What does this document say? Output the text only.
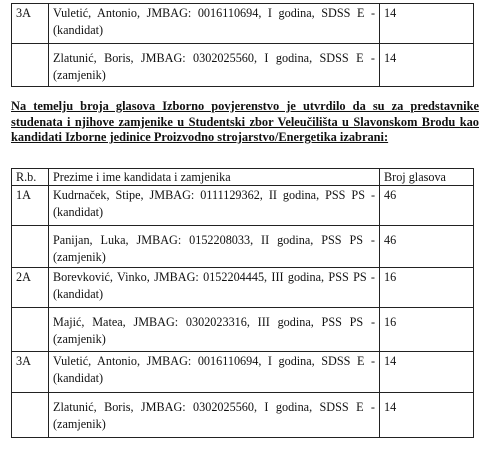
3A	Vuletić, Antonio, JMBAG: 0016110694, I godina, SDSS E - (kandidat)	14
	Zlatunić, Boris, JMBAG: 0302025560, I godina, SDSS E - (zamjenik)	14
Na temelju broja glasova Izborno povjerenstvo je utvrdilo da su za predstavnike studenata i njihove zamjenike u Studentski zbor Veleučilišta u Slavonskom Brodu kao kandidati Izborne jedinice Proizvodno strojarstvo/Energetika izabrani:
R.b.	Prezime i ime kandidata i zamjenika	Broj glasova
1A	Kudrnaček, Stipe, JMBAG: 0111129362, II godina, PSS PS - (kandidat)	46
	Panijan, Luka, JMBAG: 0152208033, II godina, PSS PS - (zamjenik)	46
2A	Borevković, Vinko, JMBAG: 0152204445, III godina, PSS PS - (kandidat)	16
	Majić, Matea, JMBAG: 0302023316, III godina, PSS PS - (zamjenik)	16
3A	Vuletić, Antonio, JMBAG: 0016110694, I godina, SDSS E - (kandidat)	14
	Zlatunić, Boris, JMBAG: 0302025560, I godina, SDSS E - (zamjenik)	14
